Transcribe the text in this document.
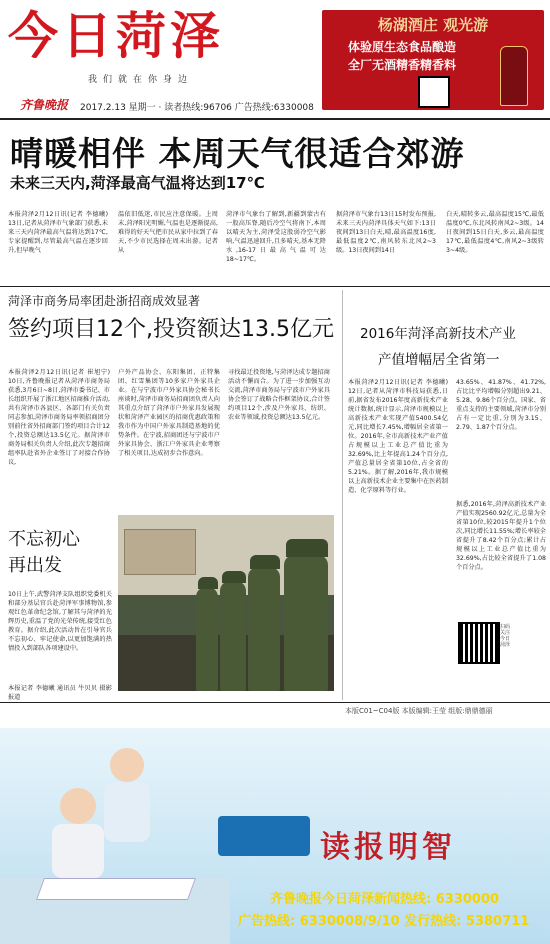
今日菏泽
我们就在你身边
齐鲁晚报 2017.2.13 星期一 · 读者热线:96706 广告热线:6330008
杨湖酒庄 观光游
体验原生态食品酿造
全厂无酒精香精香料
晴暖相伴 本周天气很适合郊游
未来三天内,菏泽最高气温将达到17℃
本报菏泽2月12日讯(记者 李德曦) 13日,记者从菏泽市气象部门获悉,未来三天内菏泽最高气温将达到17℃,专家提醒到,尽管最高气温在逐步回升,但早晚气
温依旧低迷,市民应注意保暖。上周末,菏泽阳光明媚,气温也是逐渐提高,难得的好天气把市民从家中拉到了春天,不少市民选择在周末出游。记者从
菏泽市气象台了解到,新疆到蒙古有一股高压脊,随后冷空气将南下,本周以晴天为主,菏泽受这股弱冷空气影响,气温迅速回升,且多晴天,基本无降水,16-17日最高气温可达18~17℃。
据菏泽市气象台13日15时发布预报,未来三天内菏泽具体天气如下:13日夜间到13日白天,晴,最高温度16度,最低温度2℃,南风转东北风2~3级。13日夜间到14日
白天,晴转多云,最高温度15℃,最低温度0℃,东北风转南风2~3级。14日夜间到15日白天,多云,最高温度17℃,最低温度4℃,南风2~3级转3~4级。
菏泽市商务局率团赴浙招商成效显著
签约项目12个,投资额达13.5亿元
本报菏泽2月12日讯(记者 崔旭宁) 10日,齐鲁晚报记者从菏泽市商务局获悉,3月6日~8日,菏泽市委书记、市长组织开展了浙江地区招商推介活动,共有菏泽市各县区、各部门有关负责同志参加,菏泽市商务局率领招商团分别前往省外招商部门签约项目合计12个,投资总额达13.5亿元。据菏泽市商务局相关负责人介绍,此次专题招商组率队赴省外企业签订了对接合作协议,
户外产品协会、东阳集团、正特集团、红雪集团等10多家户外家具企业。在与宁波市户外家具协会秘书长座谈时,菏泽市商务局招商团负责人向其重点介绍了菏泽市户外家具发展现状和菏泽产业园区的招商优惠政策和我市作为中国户外家具制造基地的优势条件。在宁波,招商团还与宁波市户外家具协会、浙江户外家具企业考察了相关项目,达成初步合作意向。
寻找最迁投资地,与菏泽达成专题招商活动不懈而合。为了进一步加强互动交流,菏泽市商务局与宁波市户外家具协会签订了战略合作框架协议,合计签约项目12个,涉及户外家具、纺织、农业等领域,投资总额达13.5亿元。
2016年菏泽高新技术产业
产值增幅居全省第一
本报菏泽2月12日讯(记者 李德曦) 12日,记者从菏泽市科技局获悉,日前,据省发布2016年度高新技术产业统计数据,统计显示,菏泽市规模以上高新技术产业实现产值5400.54亿元,同比增长7.45%,增幅居全省第一位。2016年,全市高新技术产业产值占规模以上工业总产值比重为32.69%,比上年提高1.24个百分点,产值总量居全省第10位,占全省的5.21%。据了解,2016年,我市规模以上高新技术企业主要集中在医药制造、化学原料等行业。
43.65%、41.87%、41.72%,占比比平均增幅分别超出9.21、5.28、9.86个百分点。国家、省重点支持的主要领域,菏泽市分别占有一定比重,分别为3.15、2.79、1.87个百分点。
据悉,2016年,菏泽高新技术产业产值实现2560.92亿元,总量为全省第10位,较2015年提升1个位次,同比增长11.55%;增长率较全省提升了8.42个百分点;累计占规模以上工业总产值比重为32.69%,占比较全省提升了1.08个百分点。
扫码关注今日菏泽
不忘初心
再出发
10日上午,武警菏泽支队组织党委机关和部分基层官兵赴菏泽军事博物馆,参观红色革命纪念馆,了解其与菏泽的光辉历史,重温了党的光荣传统,接受红色教育。据介绍,此次活动旨在引导官兵不忘初心、牢记使命,以更加饱满的热情投入到部队各项建设中。
本报记者 李德曦 通讯员 牛贝贝 摄影报道
本版C01~C04版 本版编辑:王莹 组版:鼎鼎德丽
读报明智
齐鲁晚报今日菏泽新闻热线: 6330000
广告热线: 6330008/9/10 发行热线: 5380711
